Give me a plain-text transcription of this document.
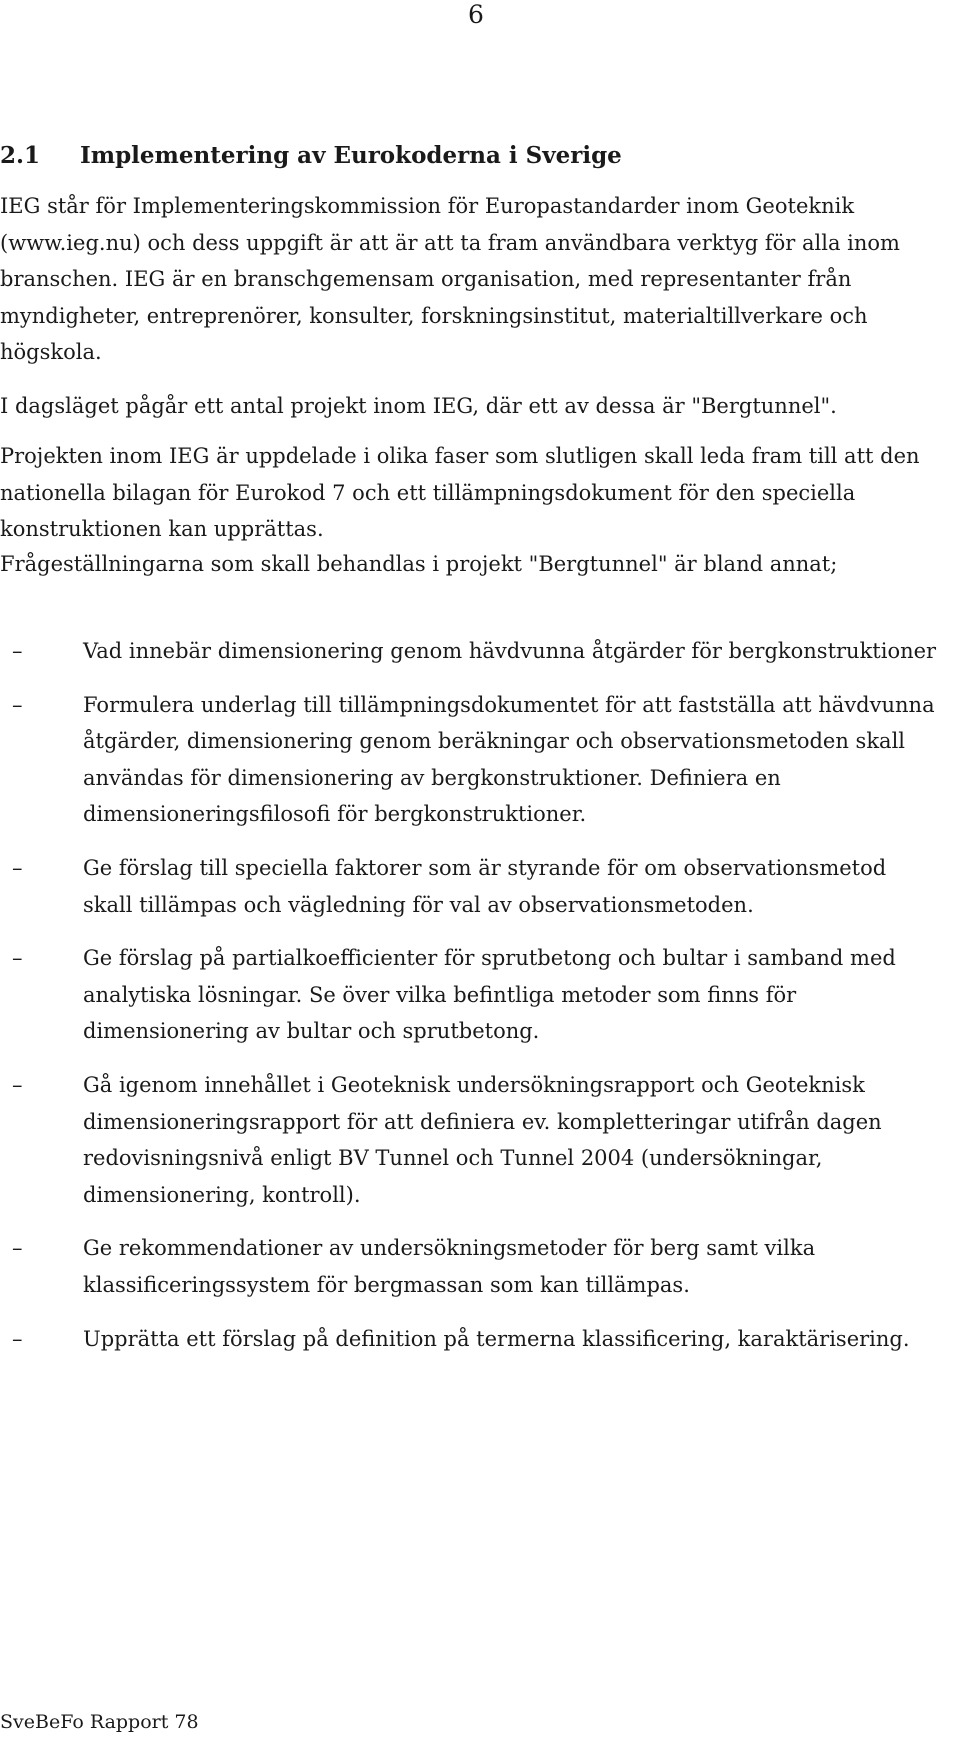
6
2.1 Implementering av Eurokoderna i Sverige

IEG står för Implementeringskommission för Europastandarder inom Geoteknik (www.ieg.nu) och dess uppgift är att är att ta fram användbara verktyg för alla inom branschen. IEG är en branschgemensam organisation, med representanter från myndigheter, entreprenörer, konsulter, forskningsinstitut, materialtillverkare och högskola.

I dagsläget pågår ett antal projekt inom IEG, där ett av dessa är "Bergtunnel".

Projekten inom IEG är uppdelade i olika faser som slutligen skall leda fram till att den nationella bilagan för Eurokod 7 och ett tillämpningsdokument för den speciella konstruktionen kan upprättas.

Frågeställningarna som skall behandlas i projekt "Bergtunnel" är bland annat;

–	Vad innebär dimensionering genom hävdvunna åtgärder för bergkonstruktioner
–	Formulera underlag till tillämpningsdokumentet för att fastställa att hävdvunna åtgärder, dimensionering genom beräkningar och observationsmetoden skall användas för dimensionering av bergkonstruktioner. Definiera en dimensioneringsfilosofi för bergkonstruktioner.
–	Ge förslag till speciella faktorer som är styrande för om observationsmetod skall tillämpas och vägledning för val av observationsmetoden.
–	Ge förslag på partialkoefficienter för sprutbetong och bultar i samband med analytiska lösningar. Se över vilka befintliga metoder som finns för dimensionering av bultar och sprutbetong.
–	Gå igenom innehållet i Geoteknisk undersökningsrapport och Geoteknisk dimensioneringsrapport för att definiera ev. kompletteringar utifrån dagen redovisningsnivå enligt BV Tunnel och Tunnel 2004 (undersökningar, dimensionering, kontroll).
–	Ge rekommendationer av undersökningsmetoder för berg samt vilka klassificeringssystem för bergmassan som kan tillämpas.
–	Upprätta ett förslag på definition på termerna klassificering, karaktärisering.
SveBeFo Rapport 78
